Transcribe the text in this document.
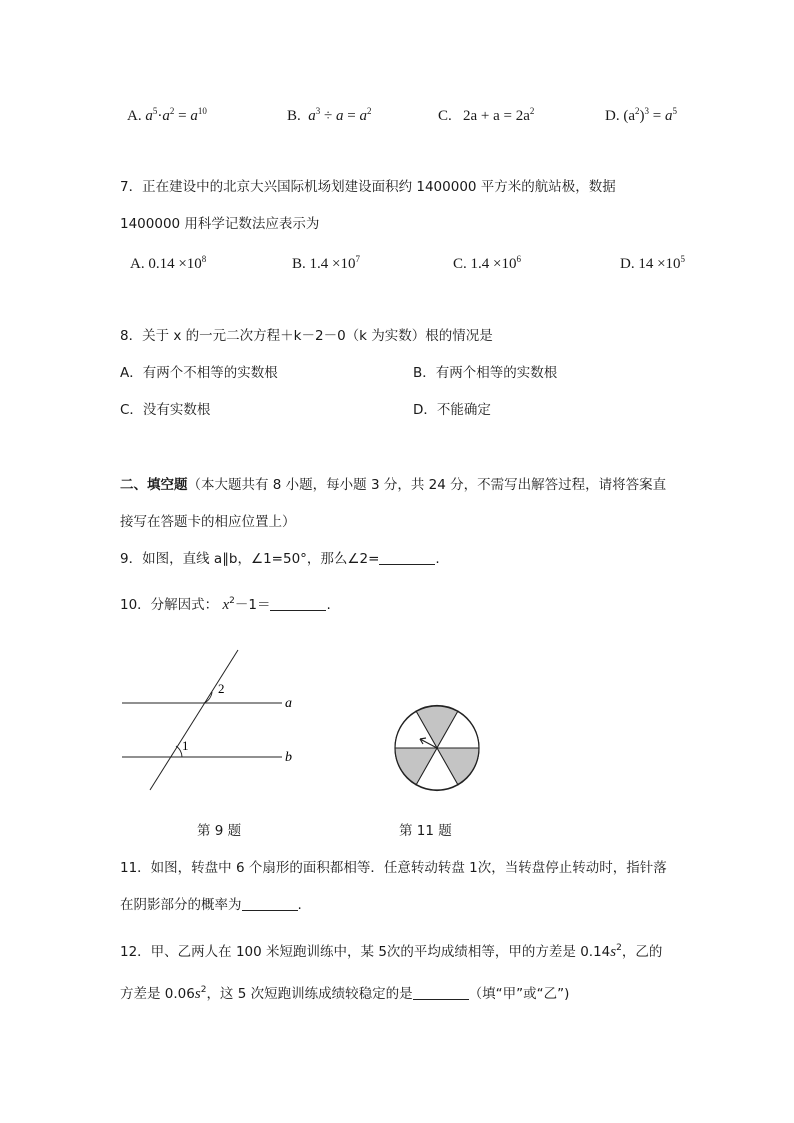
A. $a^5\cdot a^2 = a^{10}$	B. $a^3 \div a = a^2$	C. $2a + a = 2a^2$	D. $(a^2)^3 = a^5$
7．正在建设中的北京大兴国际机场划建设面积约 1400000 平方米的航站极，数据
1400000 用科学记数法应表示为
A. $0.14 \times 10^8$	B. $1.4 \times 10^7$	C. $1.4 \times 10^6$	D. $14 \times 10^5$
8．关于 x 的一元二次方程＋k－2－0（k 为实数）根的情况是
A．有两个不相等的实数根	B．有两个相等的实数根
C．没有实数根	D．不能确定
二、填空题（本大题共有 8 小题，每小题 3 分，共 24 分，不需写出解答过程，请将答案直
接写在答题卡的相应位置上）
9．如图，直线 a∥b，∠1=50°，那么∠2=	.
10．分解因式： $x^2-1=$	.
2
1
a
b
第 9 题	第 11 题
11．如图，转盘中 6 个扇形的面积都相等．任意转动转盘 1次，当转盘停止转动时，指针落
在阴影部分的概率为	.
12．甲、乙两人在 100 米短跑训练中，某 5次的平均成绩相等，甲的方差是 $0.14s^2$，乙的
方差是 $0.06s^2$，这 5 次短跑训练成绩较稳定的是	（填“甲”或“乙”)
